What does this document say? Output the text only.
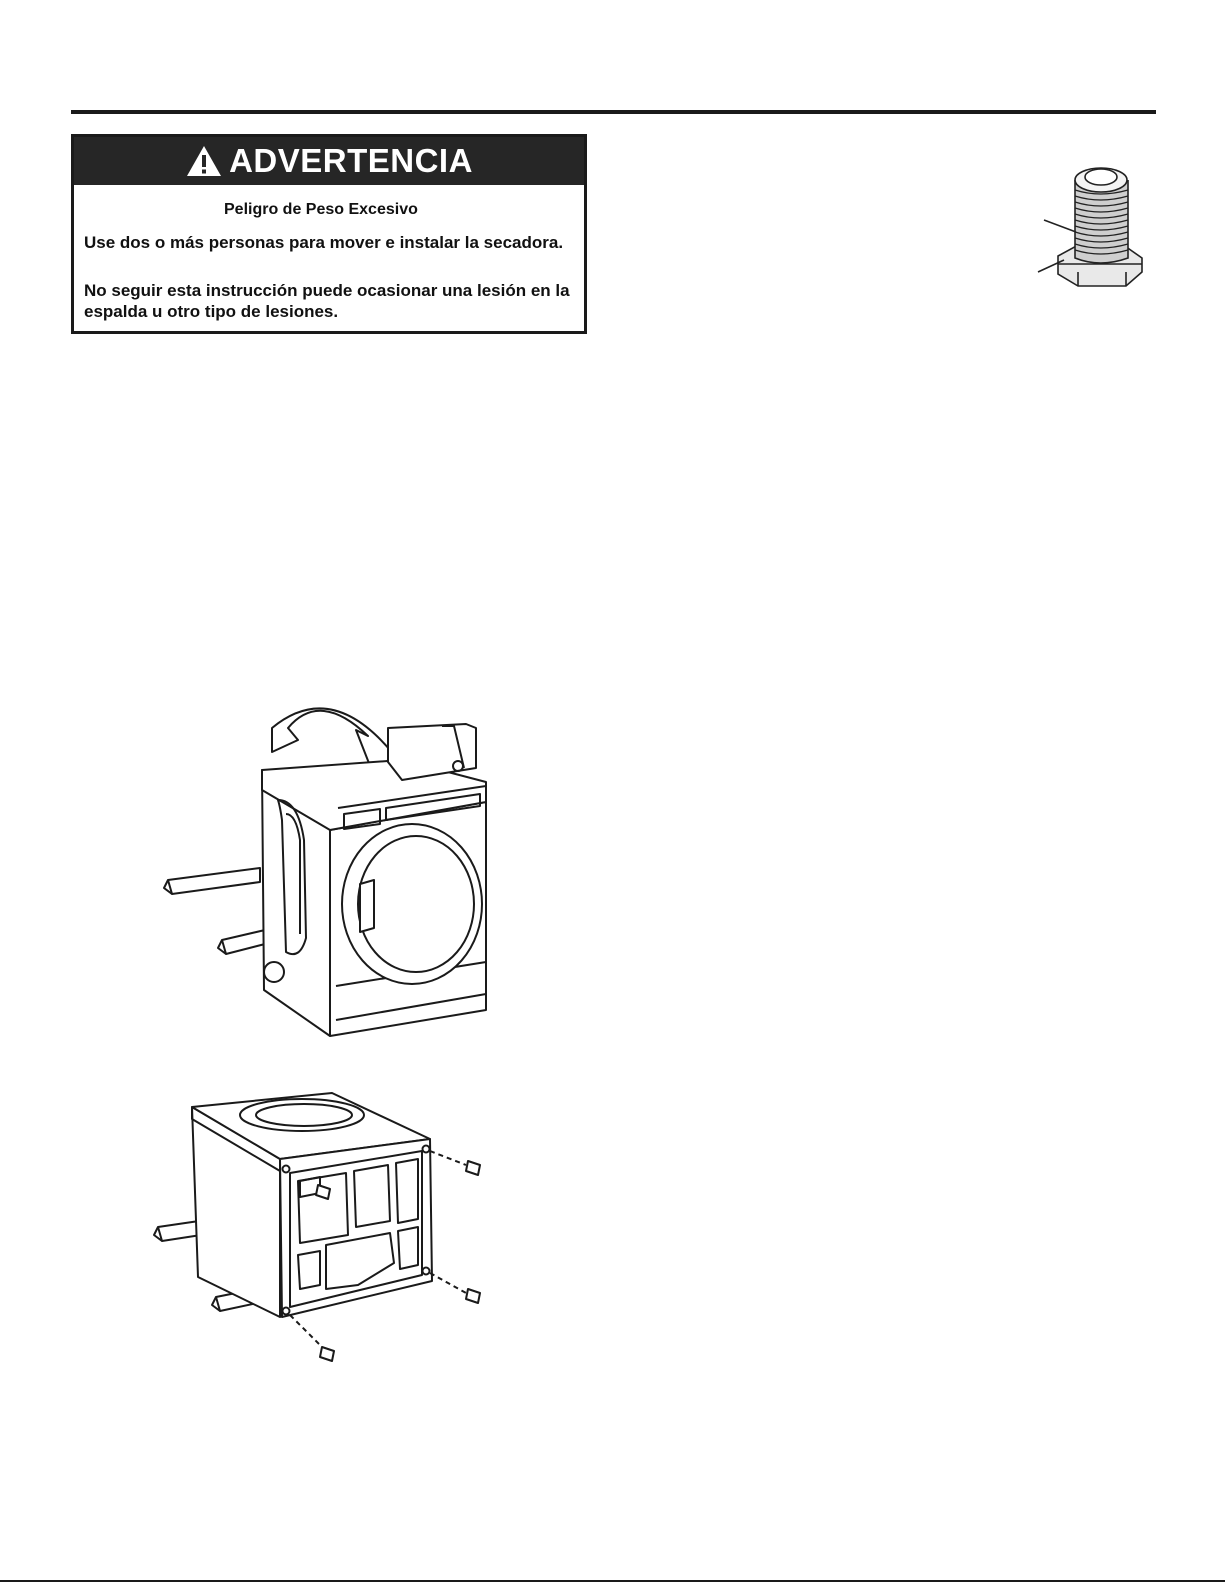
ADVERTENCIA
Peligro de Peso Excesivo
Use dos o más personas para mover e instalar la secadora.
No seguir esta instrucción puede ocasionar una lesión en la espalda u otro tipo de lesiones.
